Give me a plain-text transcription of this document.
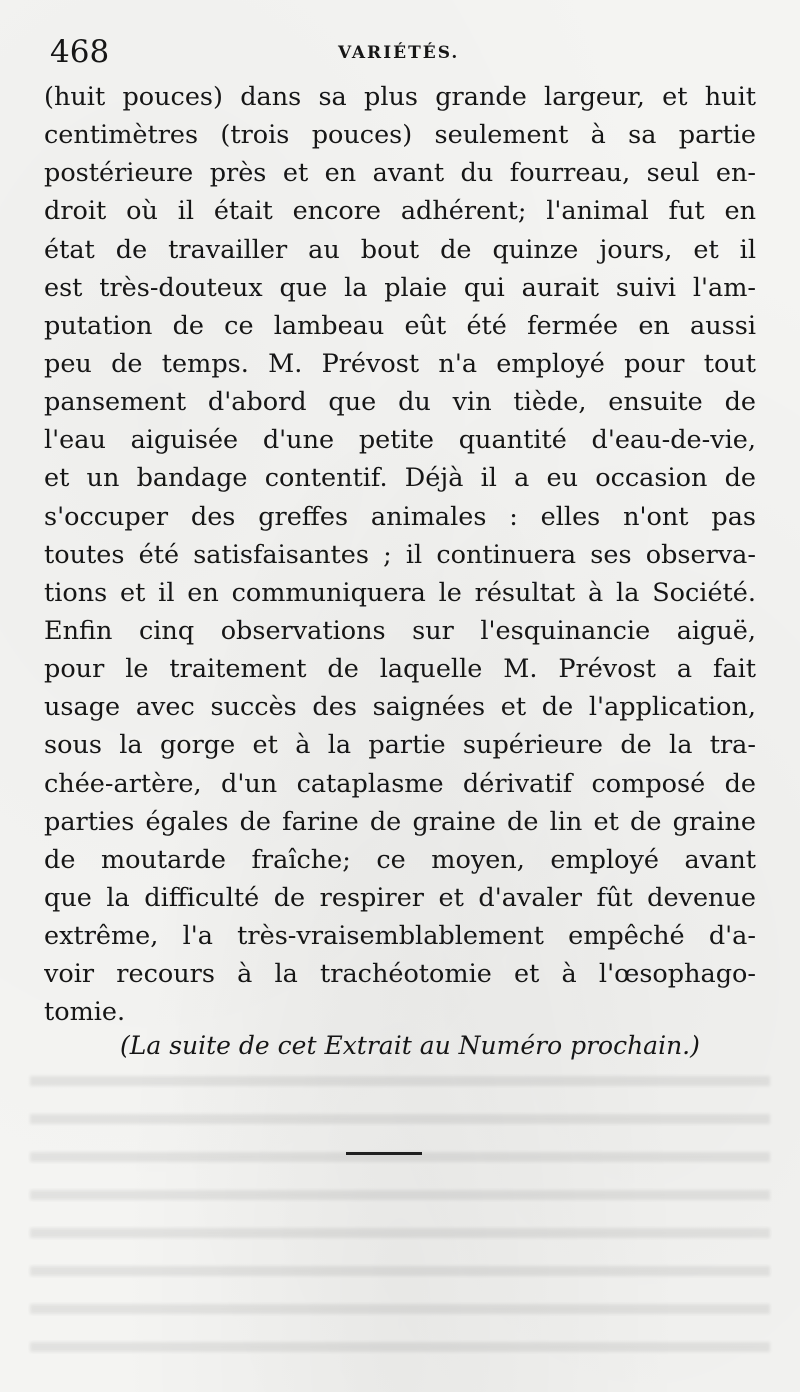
468	VARIÉTÉS.
(huit pouces) dans sa plus grande largeur, et huit
centimètres (trois pouces) seulement à sa partie
postérieure près et en avant du fourreau, seul en-
droit où il était encore adhérent; l'animal fut en
état de travailler au bout de quinze jours, et il
est très-douteux que la plaie qui aurait suivi l'am-
putation de ce lambeau eût été fermée en aussi
peu de temps. M. Prévost n'a employé pour tout
pansement d'abord que du vin tiède, ensuite de
l'eau aiguisée d'une petite quantité d'eau-de-vie,
et un bandage contentif. Déjà il a eu occasion de
s'occuper des greffes animales : elles n'ont pas
toutes été satisfaisantes ; il continuera ses observa-
tions et il en communiquera le résultat à la Société.
Enfin cinq observations sur l'esquinancie aiguë,
pour le traitement de laquelle M. Prévost a fait
usage avec succès des saignées et de l'application,
sous la gorge et à la partie supérieure de la tra-
chée-artère, d'un cataplasme dérivatif composé de
parties égales de farine de graine de lin et de graine
de moutarde fraîche; ce moyen, employé avant
que la difficulté de respirer et d'avaler fût devenue
extrême, l'a très-vraisemblablement empêché d'a-
voir recours à la trachéotomie et à l'œsophago-
tomie.
(La suite de cet Extrait au Numéro prochain.)
